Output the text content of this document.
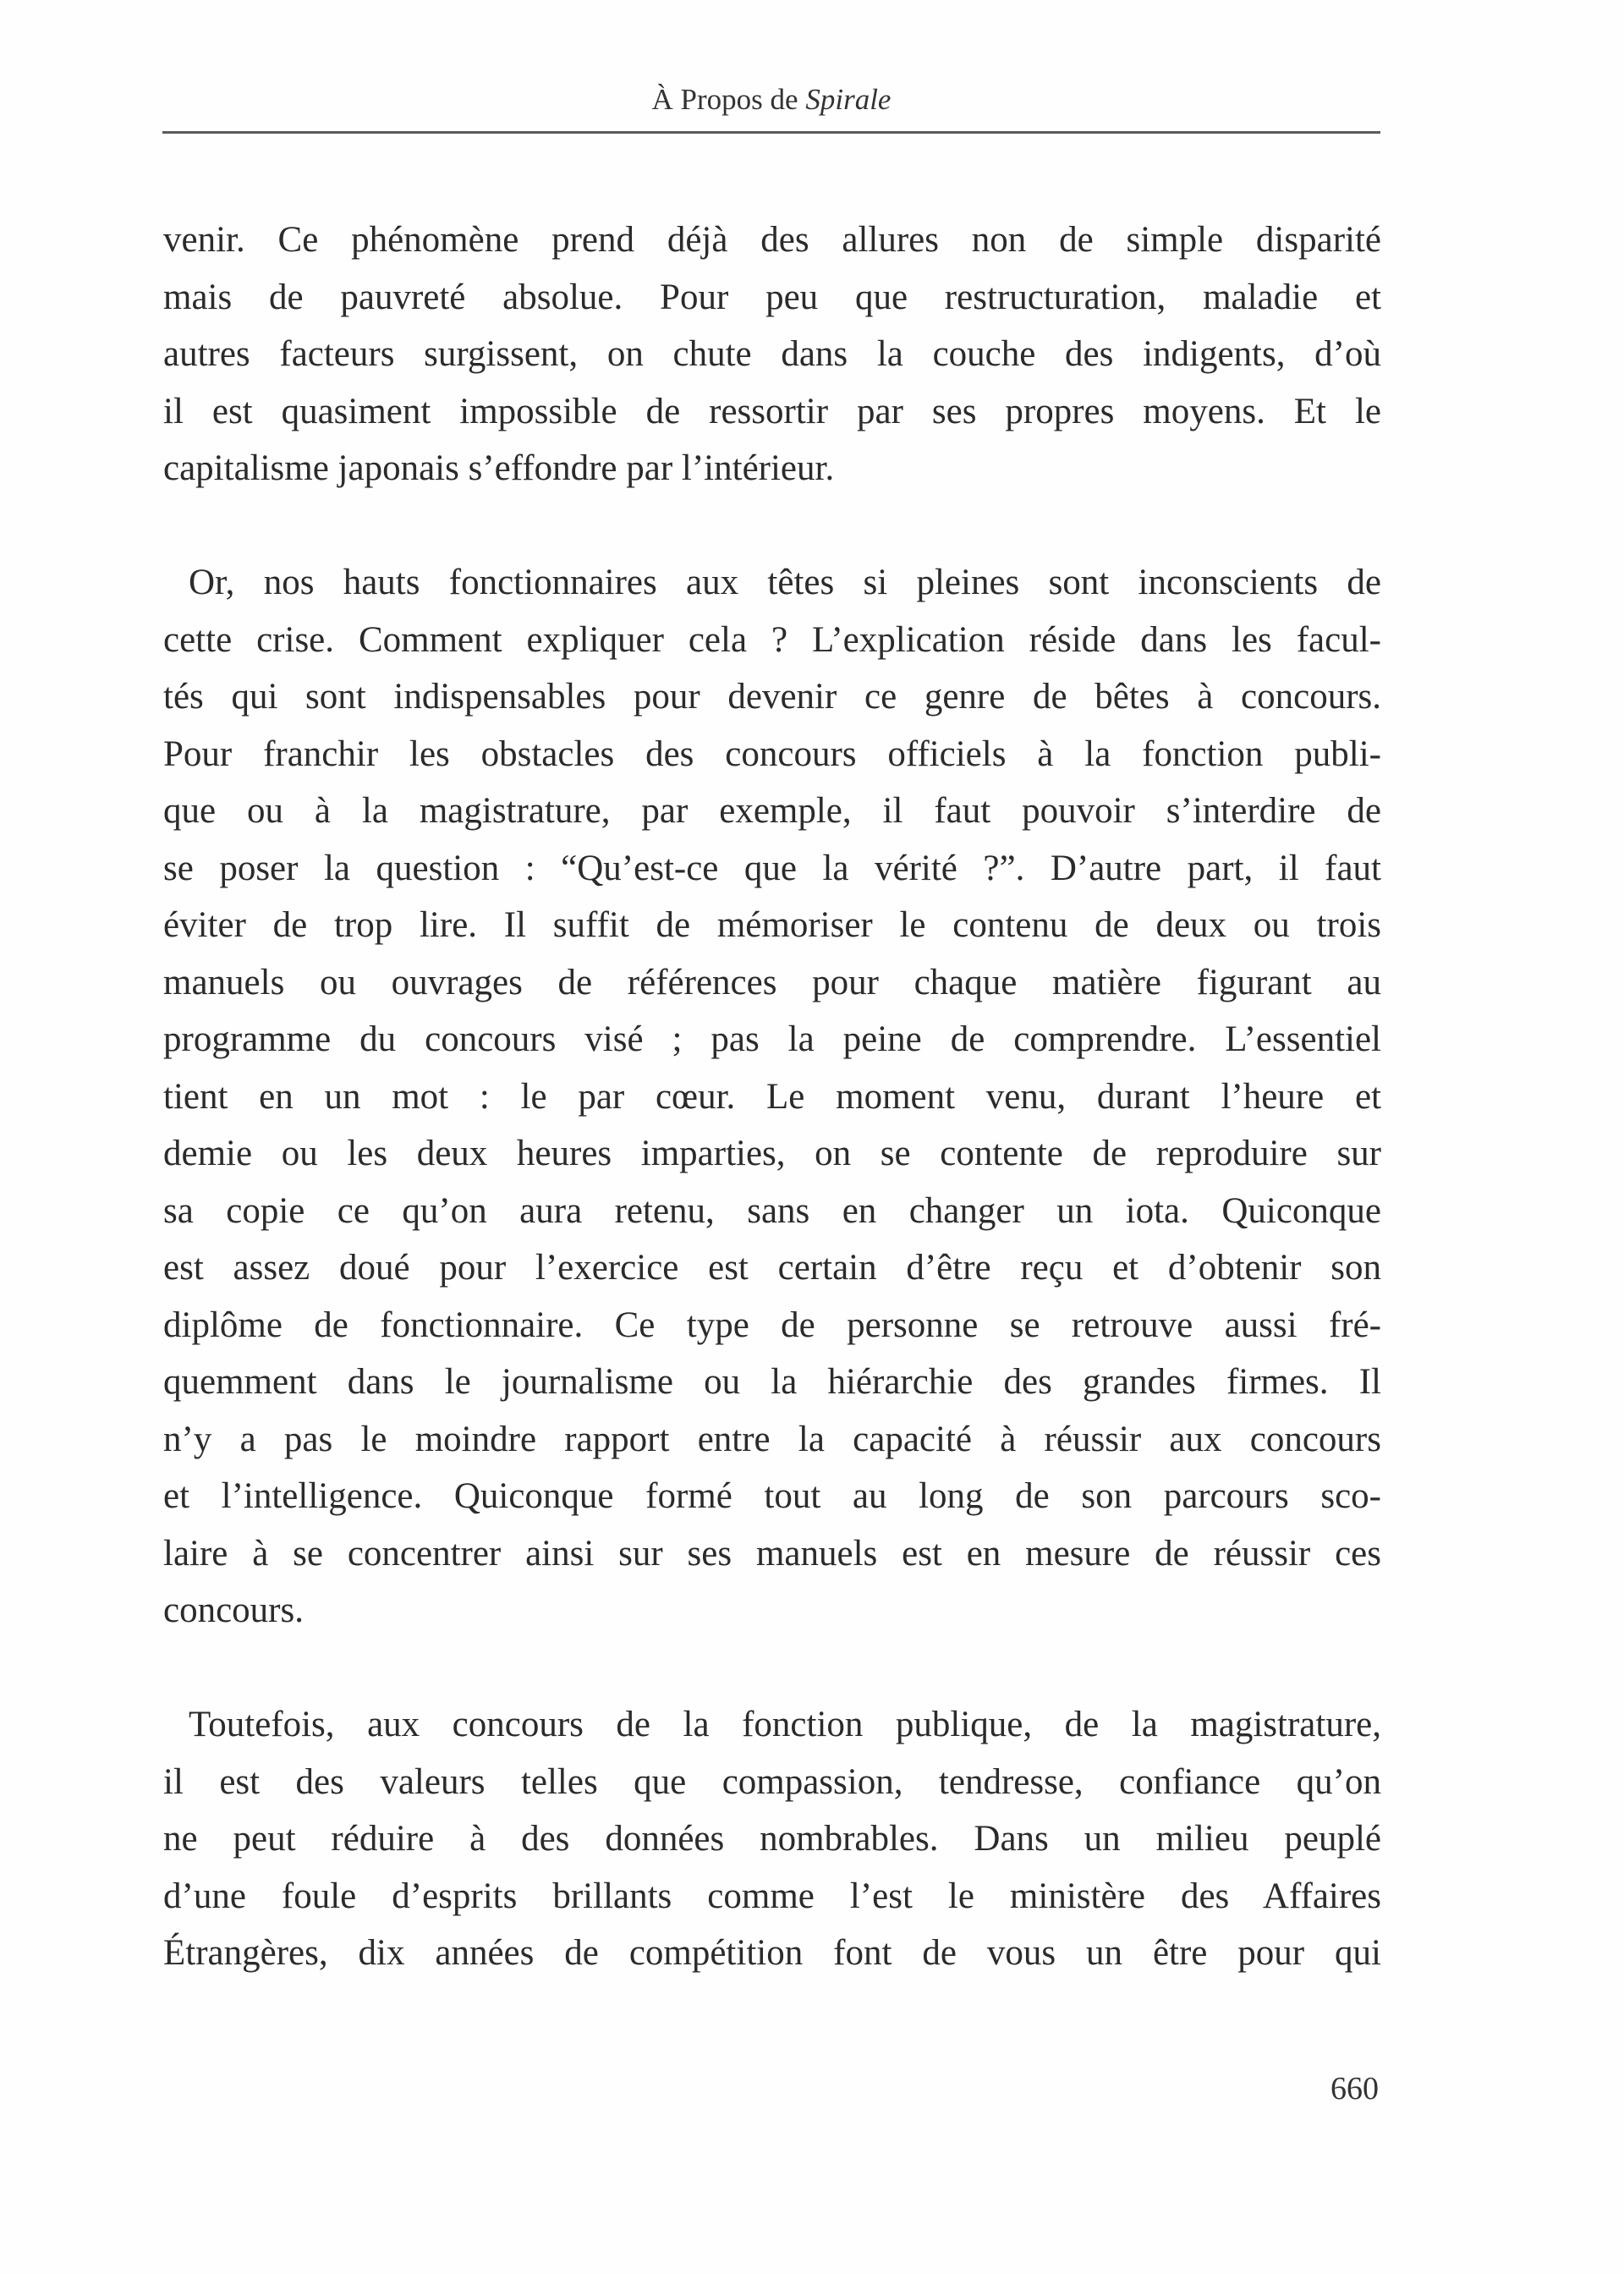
À Propos de Spirale

venir. Ce phénomène prend déjà des allures non de simple disparité
mais de pauvreté absolue. Pour peu que restructuration, maladie et
autres facteurs surgissent, on chute dans la couche des indigents, d’où
il est quasiment impossible de ressortir par ses propres moyens. Et le
capitalisme japonais s’effondre par l’intérieur.

Or, nos hauts fonctionnaires aux têtes si pleines sont inconscients de
cette crise. Comment expliquer cela ? L’explication réside dans les facul-
tés qui sont indispensables pour devenir ce genre de bêtes à concours.
Pour franchir les obstacles des concours officiels à la fonction publi-
que ou à la magistrature, par exemple, il faut pouvoir s’interdire de
se poser la question : “Qu’est-ce que la vérité ?”. D’autre part, il faut
éviter de trop lire. Il suffit de mémoriser le contenu de deux ou trois
manuels ou ouvrages de références pour chaque matière figurant au
programme du concours visé ; pas la peine de comprendre. L’essentiel
tient en un mot : le par cœur. Le moment venu, durant l’heure et
demie ou les deux heures imparties, on se contente de reproduire sur
sa copie ce qu’on aura retenu, sans en changer un iota. Quiconque
est assez doué pour l’exercice est certain d’être reçu et d’obtenir son
diplôme de fonctionnaire. Ce type de personne se retrouve aussi fré-
quemment dans le journalisme ou la hiérarchie des grandes firmes. Il
n’y a pas le moindre rapport entre la capacité à réussir aux concours
et l’intelligence. Quiconque formé tout au long de son parcours sco-
laire à se concentrer ainsi sur ses manuels est en mesure de réussir ces
concours.

Toutefois, aux concours de la fonction publique, de la magistrature,
il est des valeurs telles que compassion, tendresse, confiance qu’on
ne peut réduire à des données nombrables. Dans un milieu peuplé
d’une foule d’esprits brillants comme l’est le ministère des Affaires
Étrangères, dix années de compétition font de vous un être pour qui

660
